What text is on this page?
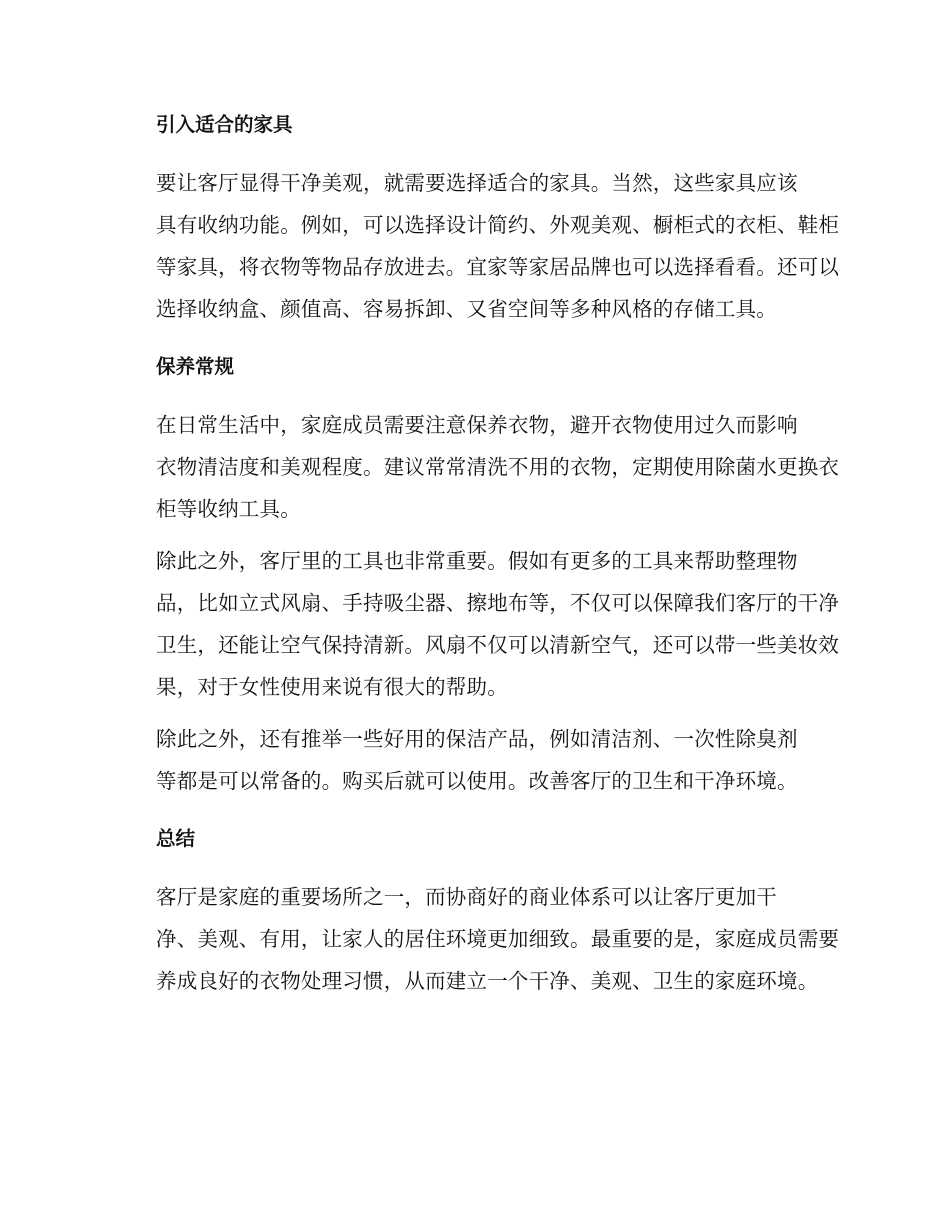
引入适合的家具

要让客厅显得干净美观，就需要选择适合的家具。当然，这些家具应该
具有收纳功能。例如，可以选择设计简约、外观美观、橱柜式的衣柜、鞋柜
等家具，将衣物等物品存放进去。宜家等家居品牌也可以选择看看。还可以
选择收纳盒、颜值高、容易拆卸、又省空间等多种风格的存储工具。

保养常规

在日常生活中，家庭成员需要注意保养衣物，避开衣物使用过久而影响
衣物清洁度和美观程度。建议常常清洗不用的衣物，定期使用除菌水更换衣
柜等收纳工具。

除此之外，客厅里的工具也非常重要。假如有更多的工具来帮助整理物
品，比如立式风扇、手持吸尘器、擦地布等，不仅可以保障我们客厅的干净
卫生，还能让空气保持清新。风扇不仅可以清新空气，还可以带一些美妆效
果，对于女性使用来说有很大的帮助。

除此之外，还有推举一些好用的保洁产品，例如清洁剂、一次性除臭剂
等都是可以常备的。购买后就可以使用。改善客厅的卫生和干净环境。

总结

客厅是家庭的重要场所之一，而协商好的商业体系可以让客厅更加干
净、美观、有用，让家人的居住环境更加细致。最重要的是，家庭成员需要
养成良好的衣物处理习惯，从而建立一个干净、美观、卫生的家庭环境。
